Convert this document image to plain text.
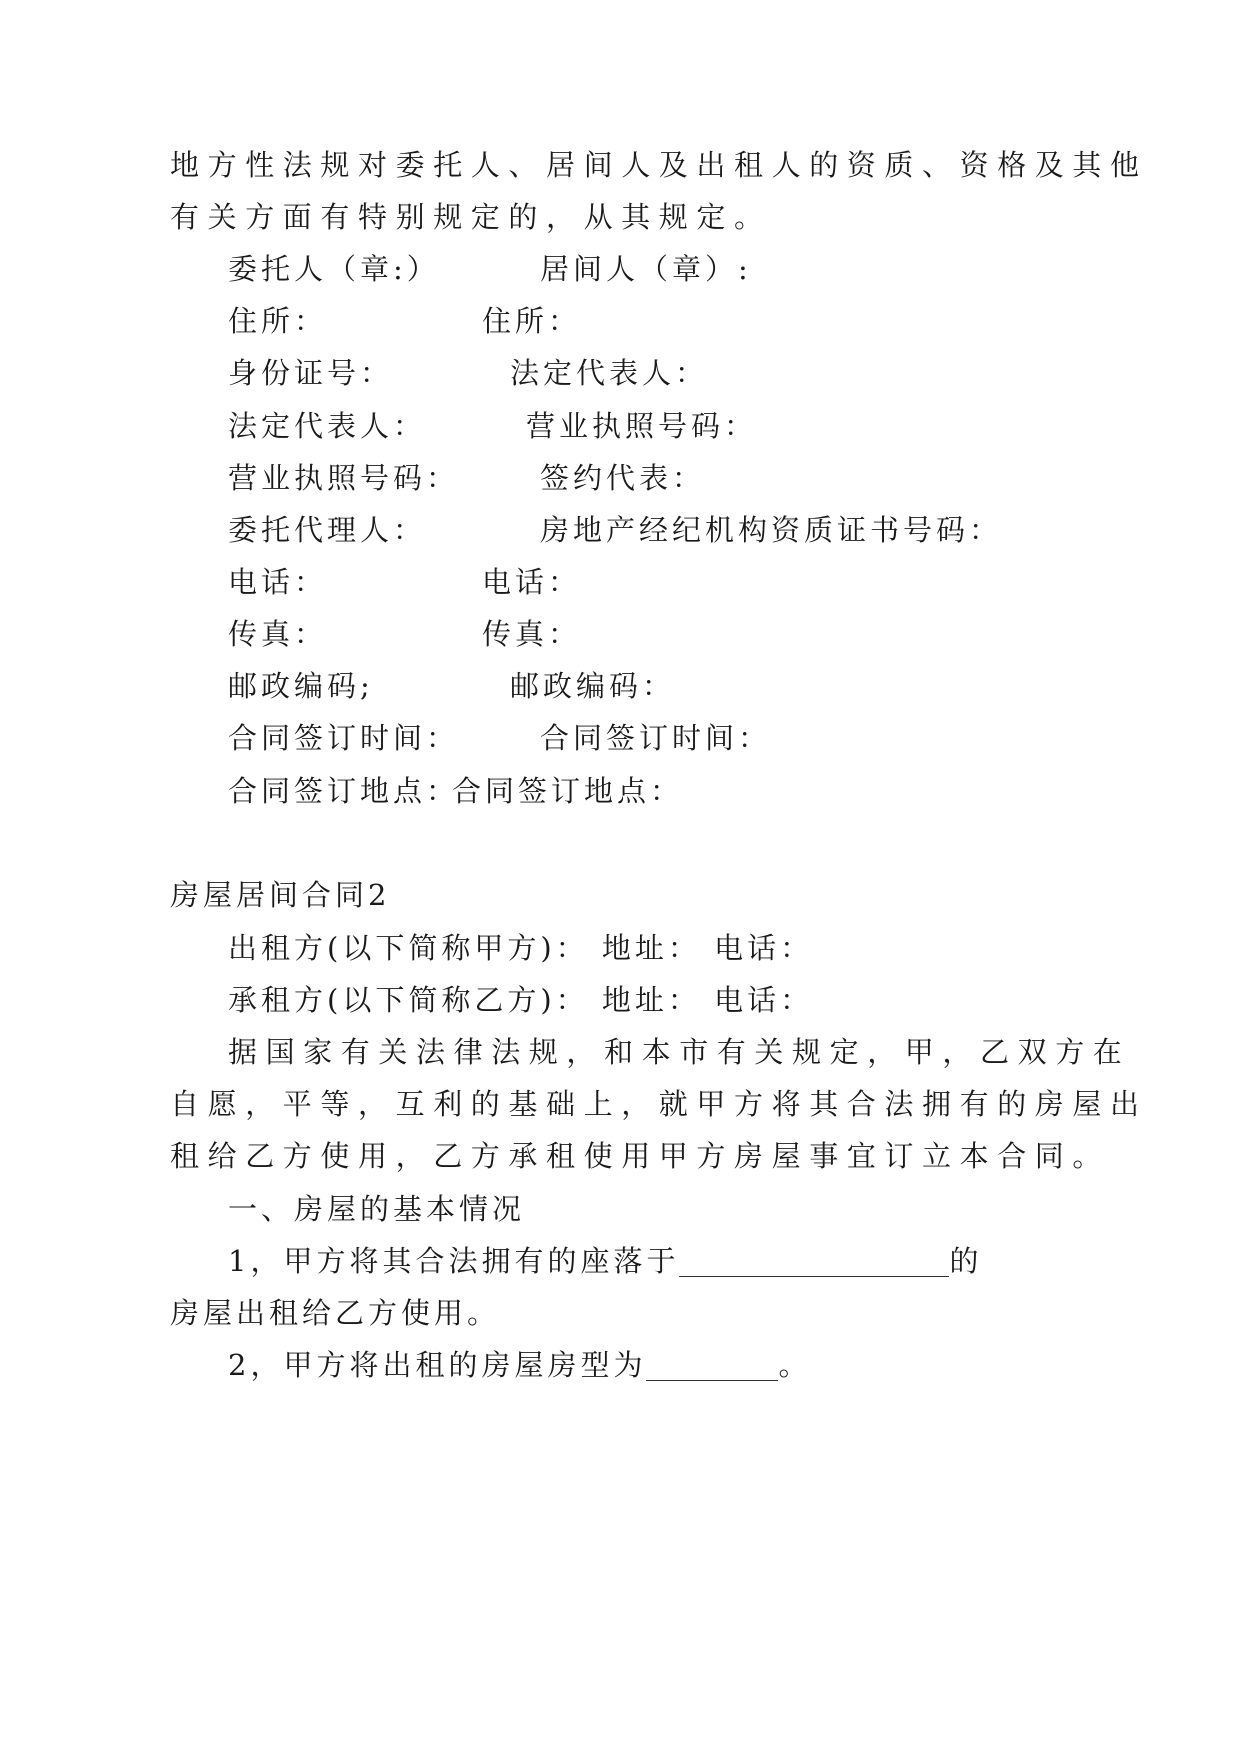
地方性法规对委托人、居间人及出租人的资质、资格及其他
有关方面有特别规定的，从其规定。
委托人（章:）
住所：
身份证号：
法定代表人：
营业执照号码：
委托代理人：
电话：
传真：
邮政编码;
合同签订时间：
合同签订地点：
居间人（章）:
住所：
法定代表人：
营业执照号码：
签约代表：
房地产经纪机构资质证书号码：
电话：
传真：
邮政编码：
合同签订时间：
合同签订地点：
房屋居间合同2
出租方(以下简称甲方)： 地址： 电话：
承租方(以下简称乙方)： 地址： 电话：
据国家有关法律法规，和本市有关规定，甲，乙双方在
自愿，平等，互利的基础上，就甲方将其合法拥有的房屋出
租给乙方使用，乙方承租使用甲方房屋事宜订立本合同。
一、房屋的基本情况
1，甲方将其合法拥有的座落于	的
房屋出租给乙方使用。
2，甲方将出租的房屋房型为	。
